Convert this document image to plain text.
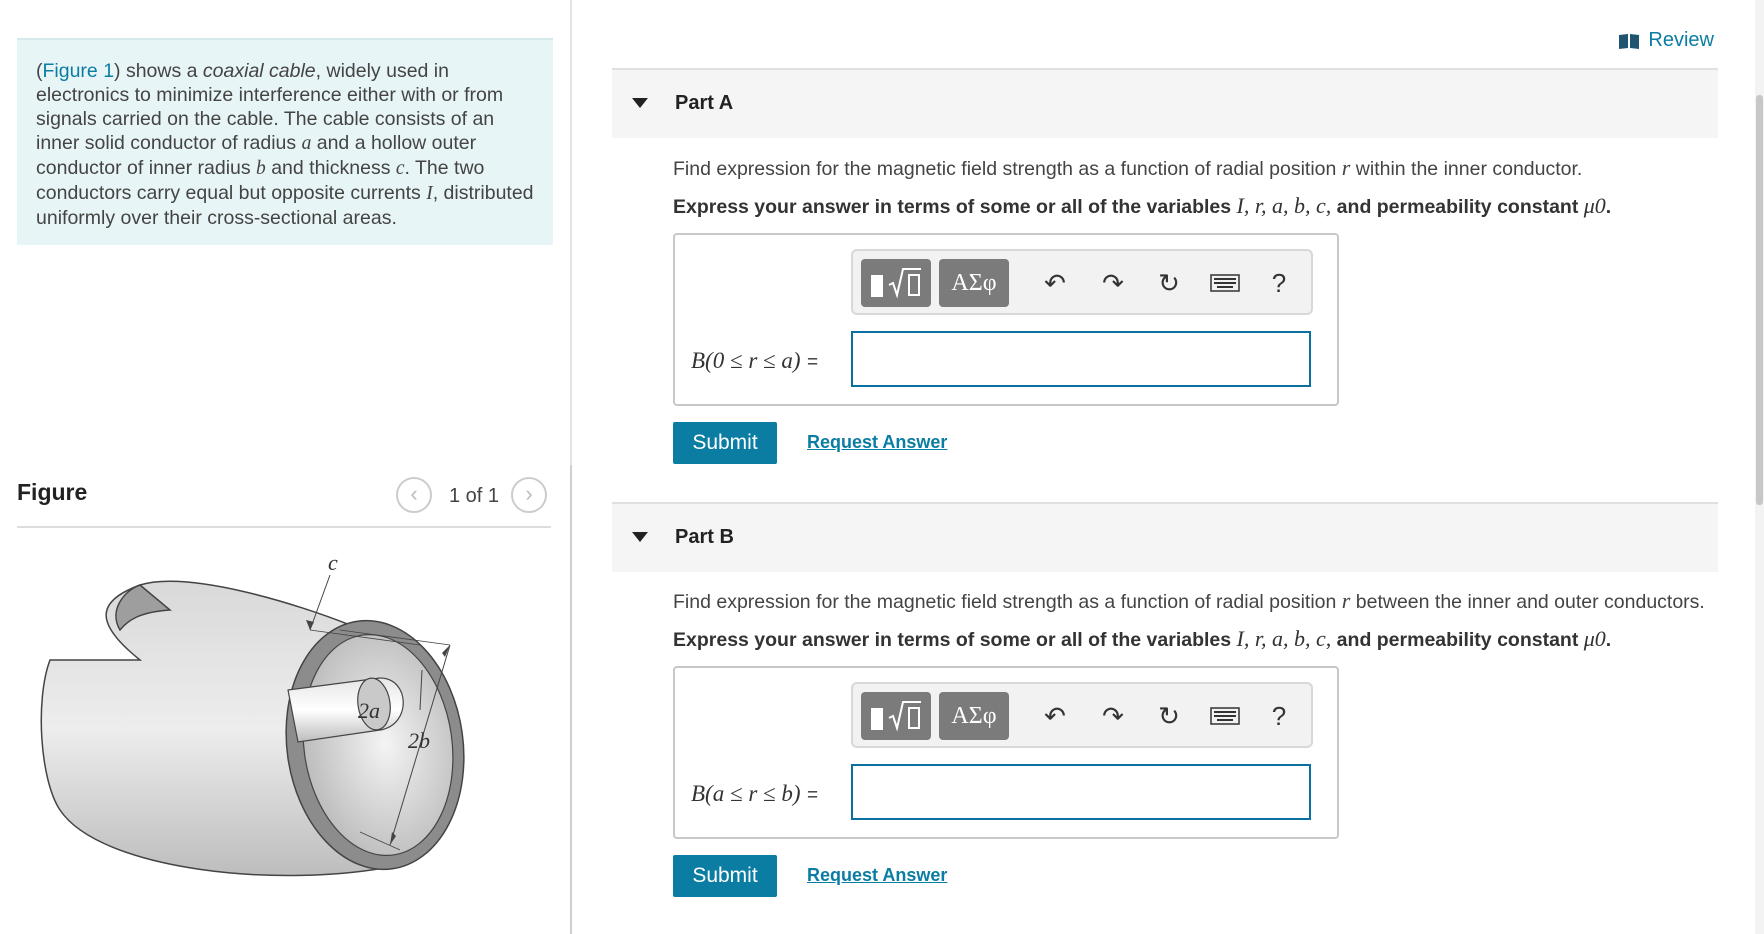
(Figure 1) shows a coaxial cable, widely used in electronics to minimize interference either with or from signals carried on the cable. The cable consists of an inner solid conductor of radius a and a hollow outer conductor of inner radius b and thickness c. The two conductors carry equal but opposite currents I, distributed uniformly over their cross-sectional areas.
Figure	‹	1 of 1	›
c
2a
2b
Review
Part A
Find expression for the magnetic field strength as a function of radial position r within the inner conductor.
Express your answer in terms of some or all of the variables I, r, a, b, c, and permeability constant μ0.
ΑΣφ	↶ ↷ ↻	?
B(0 ≤ r ≤ a) =
Submit	Request Answer
Part B
Find expression for the magnetic field strength as a function of radial position r between the inner and outer conductors.
Express your answer in terms of some or all of the variables I, r, a, b, c, and permeability constant μ0.
ΑΣφ	↶ ↷ ↻	?
B(a ≤ r ≤ b) =
Submit	Request Answer
